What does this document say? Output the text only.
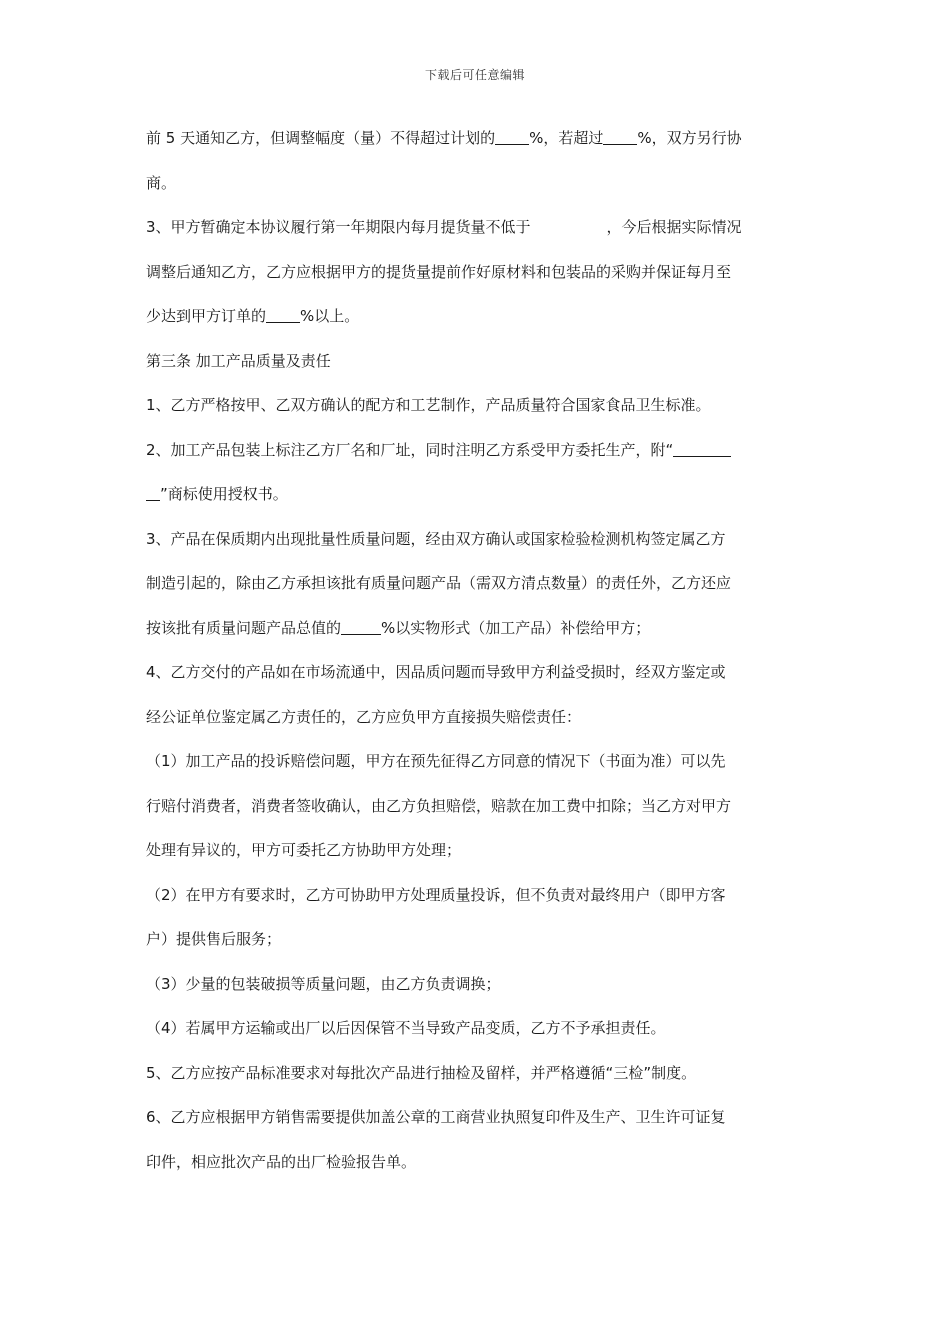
下载后可任意编辑
前 5 天通知乙方，但调整幅度（量）不得超过计划的 %，若超过 %，双方另行协
商。
3、甲方暂确定本协议履行第一年期限内每月提货量不低于	，今后根据实际情况
调整后通知乙方，乙方应根据甲方的提货量提前作好原材料和包装品的采购并保证每月至
少达到甲方订单的 %以上。
第三条 加工产品质量及责任
1、乙方严格按甲、乙双方确认的配方和工艺制作，产品质量符合国家食品卫生标准。
2、加工产品包装上标注乙方厂名和厂址，同时注明乙方系受甲方委托生产，附“
”商标使用授权书。
3、产品在保质期内出现批量性质量问题，经由双方确认或国家检验检测机构签定属乙方
制造引起的，除由乙方承担该批有质量问题产品（需双方清点数量）的责任外，乙方还应
按该批有质量问题产品总值的	%以实物形式（加工产品）补偿给甲方；
4、乙方交付的产品如在市场流通中，因品质问题而导致甲方利益受损时，经双方鉴定或
经公证单位鉴定属乙方责任的，乙方应负甲方直接损失赔偿责任：
（1）加工产品的投诉赔偿问题，甲方在预先征得乙方同意的情况下（书面为准）可以先
行赔付消费者，消费者签收确认，由乙方负担赔偿，赔款在加工费中扣除；当乙方对甲方
处理有异议的，甲方可委托乙方协助甲方处理；
（2）在甲方有要求时，乙方可协助甲方处理质量投诉，但不负责对最终用户（即甲方客
户）提供售后服务；
（3）少量的包装破损等质量问题，由乙方负责调换；
（4）若属甲方运输或出厂以后因保管不当导致产品变质，乙方不予承担责任。
5、乙方应按产品标准要求对每批次产品进行抽检及留样，并严格遵循“三检”制度。
6、乙方应根据甲方销售需要提供加盖公章的工商营业执照复印件及生产、卫生许可证复
印件，相应批次产品的出厂检验报告单。
